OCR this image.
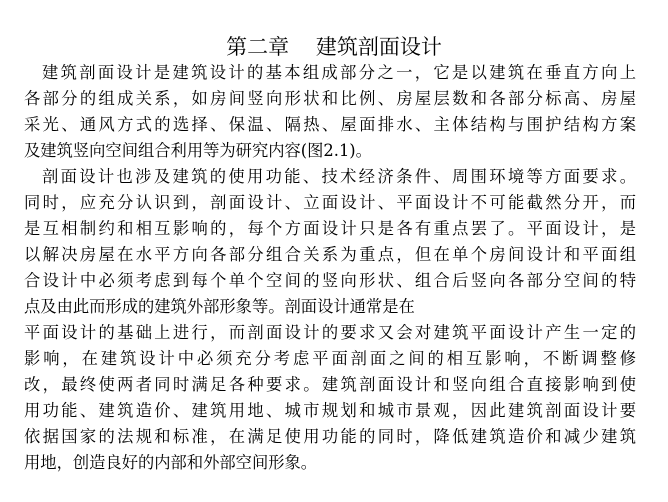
第二章    建筑剖面设计
建筑剖面设计是建筑设计的基本组成部分之一，它是以建筑在垂直方向上
各部分的组成关系，如房间竖向形状和比例、房屋层数和各部分标高、房屋
采光、通风方式的选择、保温、隔热、屋面排水、主体结构与围护结构方案
及建筑竖向空间组合利用等为研究内容(图2.1)。
剖面设计也涉及建筑的使用功能、技术经济条件、周围环境等方面要求。
同时，应充分认识到，剖面设计、立面设计、平面设计不可能截然分开，而
是互相制约和相互影响的，每个方面设计只是各有重点罢了。平面设计，是
以解决房屋在水平方向各部分组合关系为重点，但在单个房间设计和平面组
合设计中必须考虑到每个单个空间的竖向形状、组合后竖向各部分空间的特
点及由此而形成的建筑外部形象等。剖面设计通常是在
平面设计的基础上进行，而剖面设计的要求又会对建筑平面设计产生一定的
影响，在建筑设计中必须充分考虑平面剖面之间的相互影响，不断调整修
改，最终使两者同时满足各种要求。建筑剖面设计和竖向组合直接影响到使
用功能、建筑造价、建筑用地、城市规划和城市景观，因此建筑剖面设计要
依据国家的法规和标准，在满足使用功能的同时，降低建筑造价和减少建筑
用地，创造良好的内部和外部空间形象。
